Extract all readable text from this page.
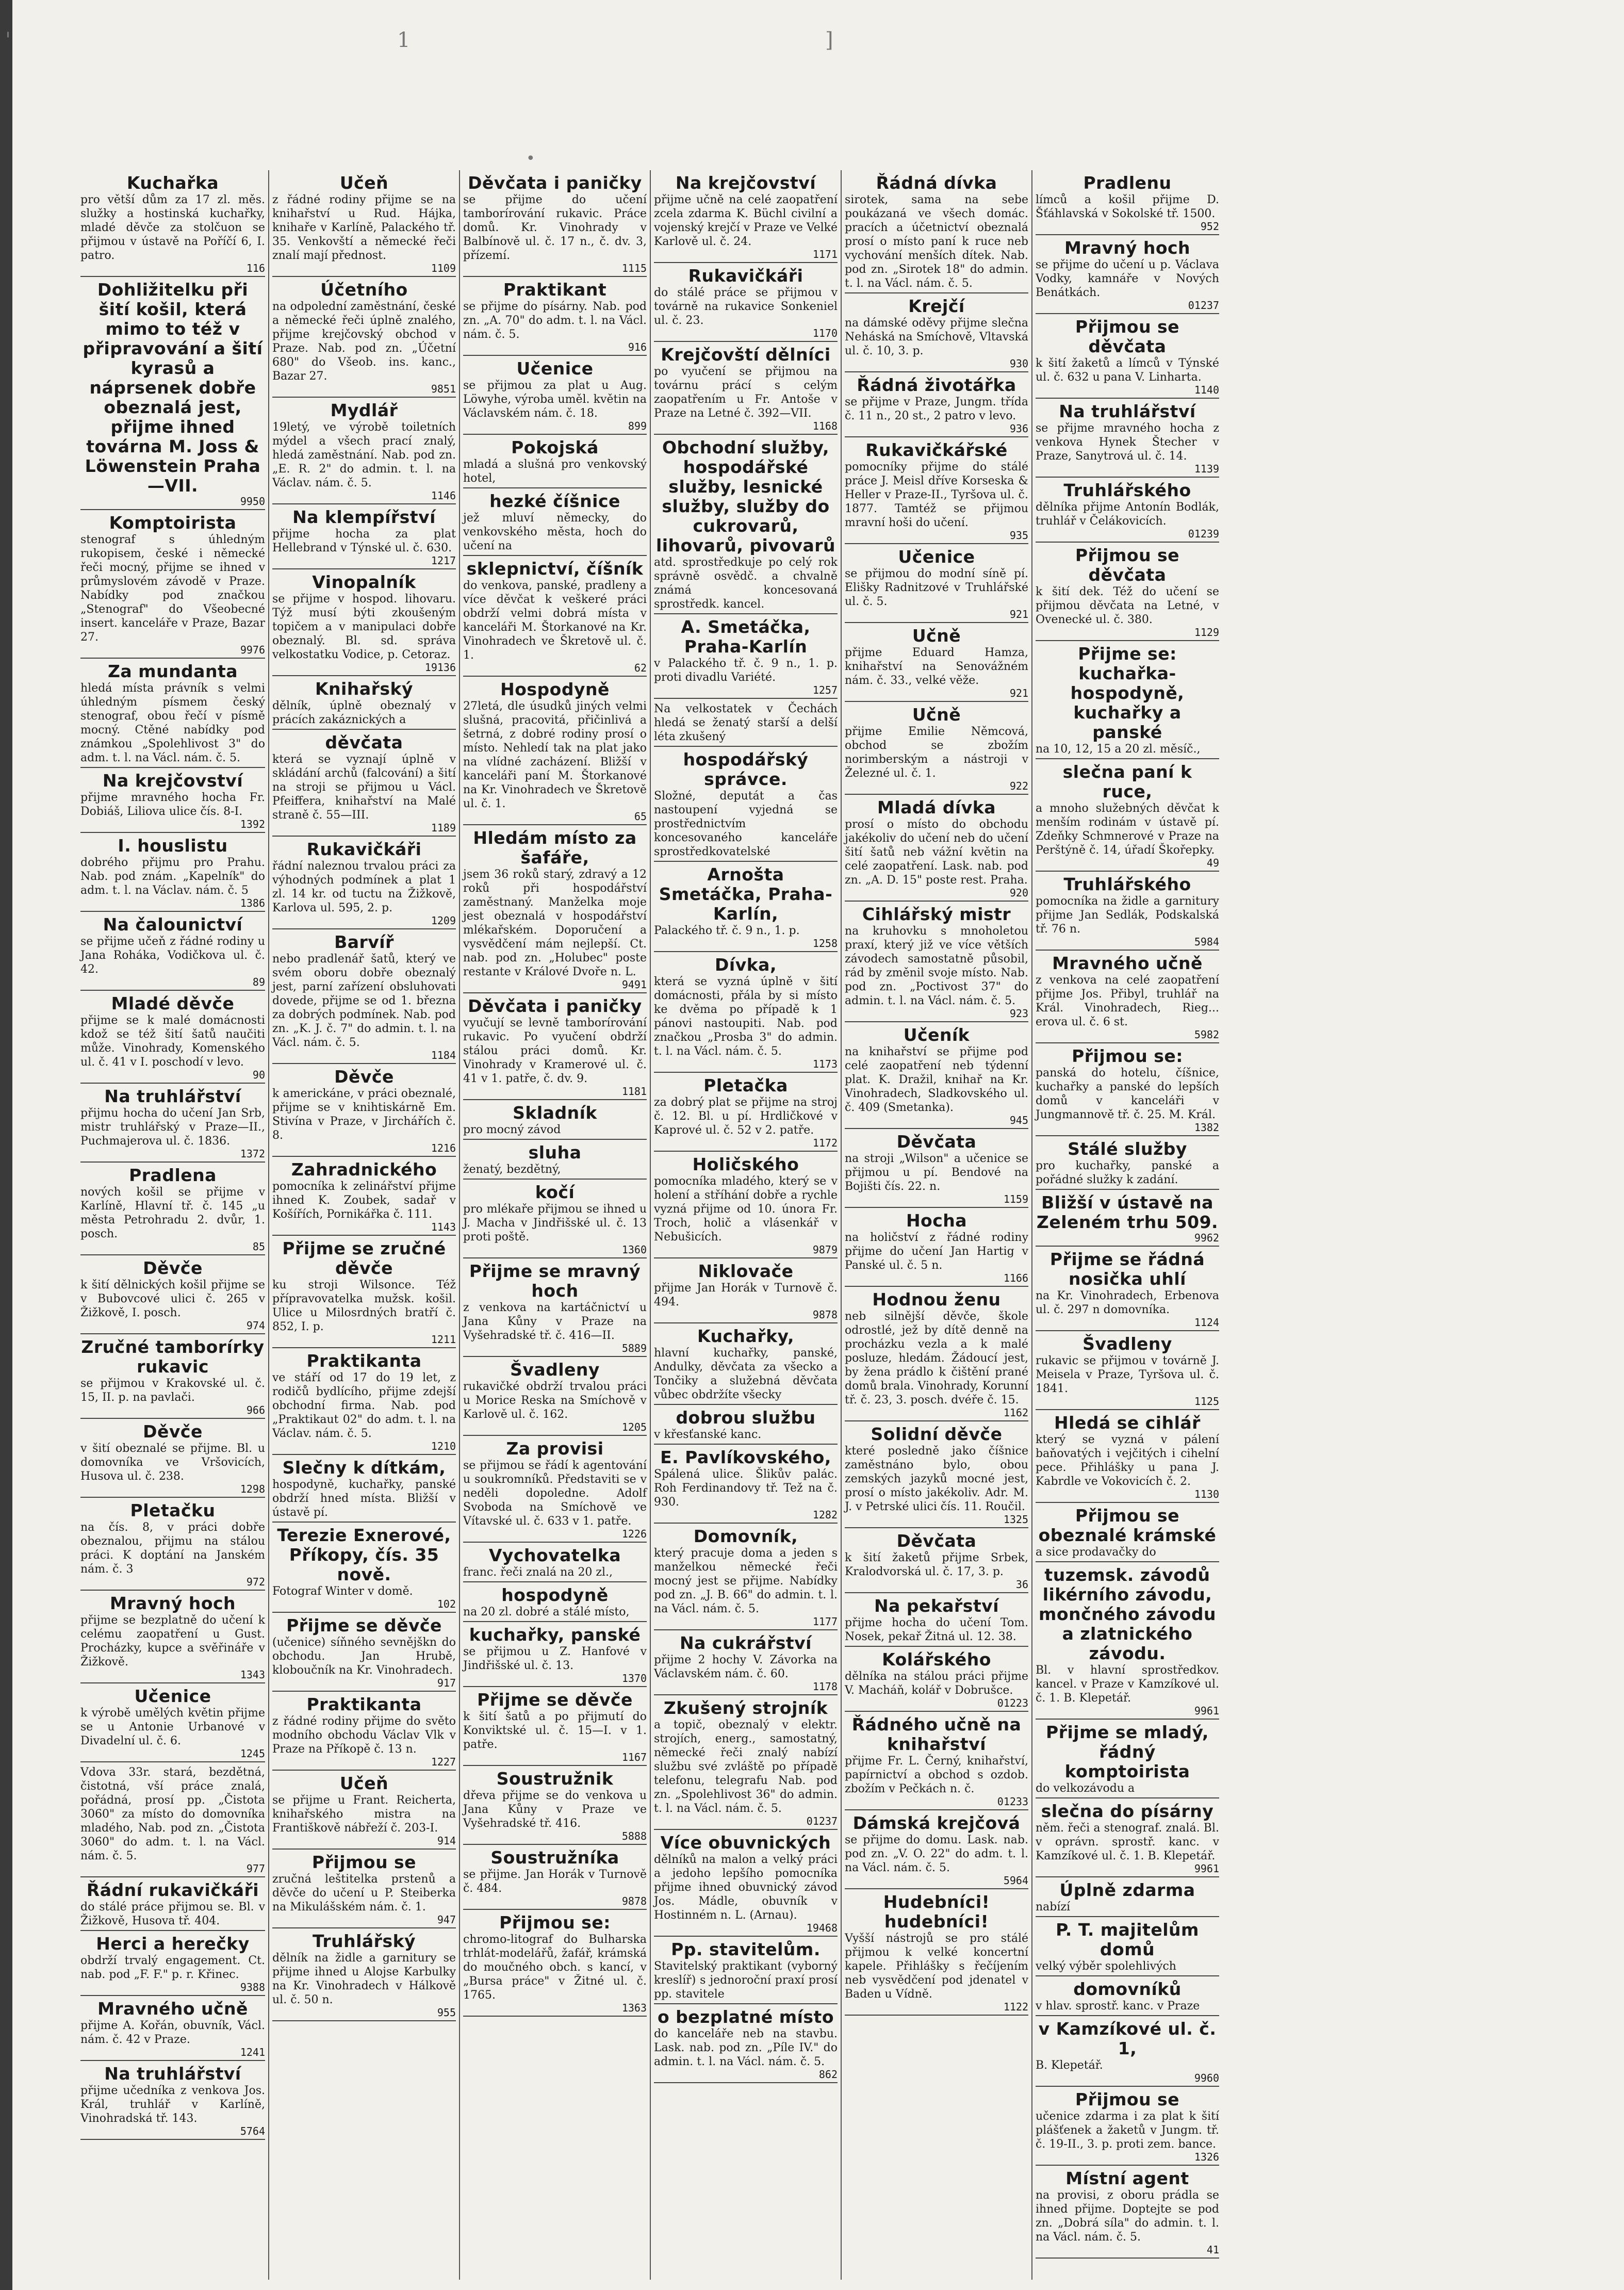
'	1	]
•
Kuchařka
pro větší dům za 17 zl. měs. služky a hostinská kuchařky, mladé děvče za stolčuon se přijmou v ústavě na Poříčí 6, I. patro.
116
Dohližitelku při šití košil, která mimo to též v připravování a šití kyrasů a náprsenek dobře obeznalá jest, přijme ihned továrna M. Joss & Löwenstein Praha—VII.
9950
Komptoirista
stenograf s úhledným rukopisem, české i německé řeči mocný, přijme se ihned v průmyslovém závodě v Praze. Nabídky pod značkou „Stenograf" do Všeobecné insert. kanceláře v Praze, Bazar 27.
9976
Za mundanta
hledá místa právník s velmi úhledným písmem český stenograf, obou řečí v písmě mocný. Ctěné nabídky pod známkou „Spolehlivost 3" do adm. t. l. na Václ. nám. č. 5.
Na krejčovství
přijme mravného hocha Fr. Dobiáš, Liliova ulice čís. 8-I.
1392
I. houslistu
dobrého přijmu pro Prahu. Nab. pod znám. „Kapelník" do adm. t. l. na Václav. nám. č. 5
1386
Na čalounictví
se přijme učeň z řádné rodiny u Jana Roháka, Vodičkova ul. č. 42.
89
Mladé děvče
přijme se k malé domácnosti kdož se též šití šatů naučiti může. Vinohrady, Komenského ul. č. 41 v I. poschodí v levo.
90
Na truhlářství
přijmu hocha do učení Jan Srb, mistr truhlářský v Praze—II., Puchmajerova ul. č. 1836.
1372
Pradlena
nových košil se přijme v Karlíně, Hlavní tř. č. 145 „u města Petrohradu 2. dvůr, 1. posch.
85
Děvče
k šití dělnických košil přijme se v Bubovcové ulici č. 265 v Žižkově, I. posch.
974
Zručné tamborírky rukavic
se přijmou v Krakovské ul. č. 15, II. p. na pavlači.
966
Děvče
v šití obeznalé se přijme. Bl. u domovníka ve Vršovicích, Husova ul. č. 238.
1298
Pletačku
na čís. 8, v práci dobře obeznalou, přijmu na stálou práci. K doptání na Janském nám. č. 3
972
Mravný hoch
přijme se bezplatně do učení k celému zaopatření u Gust. Procházky, kupce a svěřináře v Žižkově.
1343
Učenice
k výrobě umělých květin přijme se u Antonie Urbanové v Divadelní ul. č. 6.
1245
Vdova 33r. stará, bezdětná, čistotná, vší práce znalá, pořádná, prosí pp. „Čistota 3060" za místo do domovníka mladého, Nab. pod zn. „Čistota 3060" do adm. t. l. na Václ. nám. č. 5.
977
Řádní rukavičkáři
do stálé práce přijmou se. Bl. v Žižkově, Husova tř. 404.
Herci a herečky
obdrží trvalý engagement. Ct. nab. pod „F. F." p. r. Křinec.
9388
Mravného učně
přijme A. Kořán, obuvník, Václ. nám. č. 42 v Praze.
1241
Na truhlářství
přijme učedníka z venkova Jos. Král, truhlář v Karlíně, Vinohradská tř. 143.
5764
Učeň
z řádné rodiny přijme se na knihařství u Rud. Hájka, knihaře v Karlíně, Palackého tř. 35. Venkovští a německé řeči znalí mají přednost.
1109
Účetního
na odpolední zaměstnání, české a německé řeči úplně znalého, přijme krejčovský obchod v Praze. Nab. pod zn. „Účetní 680" do Všeob. ins. kanc., Bazar 27.
9851
Mydlář
19letý, ve výrobě toiletních mýdel a všech prací znalý, hledá zaměstnání. Nab. pod zn. „E. R. 2" do admin. t. l. na Václav. nám. č. 5.
1146
Na klempířství
přijme hocha za plat Hellebrand v Týnské ul. č. 630.
1217
Vinopalník
se přijme v hospod. lihovaru. Týž musí býti zkoušeným topičem a v manipulaci dobře obeznalý. Bl. sd. správa velkostatku Vodice, p. Cetoraz.
19136
Knihařský
dělník, úplně obeznalý v prácích zakáznických a
děvčata
která se vyznají úplně v skládání archů (falcování) a šití na stroji se přijmou u Václ. Pfeiffera, knihařství na Malé straně č. 55—III.
1189
Rukavičkáři
řádní naleznou trvalou práci za výhodných podmínek a plat 1 zl. 14 kr. od tuctu na Žižkově, Karlova ul. 595, 2. p.
1209
Barvíř
nebo pradlenář šatů, který ve svém oboru dobře obeznalý jest, parní zařízení obsluhovati dovede, přijme se od 1. března za dobrých podmínek. Nab. pod zn. „K. J. č. 7" do admin. t. l. na Václ. nám. č. 5.
1184
Děvče
k americkáne, v práci obeznalé, přijme se v knihtiskárně Em. Stivína v Praze, v Jirchářích č. 8.
1216
Zahradnického
pomocníka k zelinářství přijme ihned K. Zoubek, sadař v Košířích, Pornikářka č. 111.
1143
Přijme se zručné děvče
ku stroji Wilsonce. Též přípravovatelka mužsk. košil. Ulice u Milosrdných bratří č. 852, I. p.
1211
Praktikanta
ve stáří od 17 do 19 let, z rodičů bydlícího, přijme zdejší obchodní firma. Nab. pod „Praktikaut 02" do adm. t. l. na Václav. nám. č. 5.
1210
Slečny k dítkám,
hospodyně, kuchařky, panské obdrží hned místa. Bližší v ústavě pí.
Terezie Exnerové, Příkopy, čís. 35 nově.
Fotograf Winter v domě.
102
Přijme se děvče
(učenice) síňného sevnějškn do obchodu. Jan Hrubě, kloboučník na Kr. Vinohradech.
917
Praktikanta
z řádné rodiny přijme do světo modního obchodu Václav Vlk v Praze na Příkopě č. 13 n.
1227
Učeň
se přijme u Frant. Reicherta, knihařského mistra na Františkově nábřeží č. 203-I.
914
Přijmou se
zručná leštitelka prstenů a děvče do učení u P. Steiberka na Mikulášském nám. č. 1.
947
Truhlářský
dělník na židle a garnitury se přijme ihned u Alojse Karbulky na Kr. Vinohradech v Hálkově ul. č. 50 n.
955
Děvčata i paničky
se přijme do učení tamborírování rukavic. Práce domů. Kr. Vinohrady v Balbínově ul. č. 17 n., č. dv. 3, přízemí.
1115
Praktikant
se přijme do písárny. Nab. pod zn. „A. 70" do adm. t. l. na Václ. nám. č. 5.
916
Učenice
se přijmou za plat u Aug. Löwyhe, výroba uměl. květin na Václavském nám. č. 18.
899
Pokojská
mladá a slušná pro venkovský hotel,
hezké číšnice
jež mluví německy, do venkovského města, hoch do učení na
sklepnictví, číšník
do venkova, panské, pradleny a více děvčat k veškeré práci obdrží velmi dobrá místa v kanceláři M. Štorkanové na Kr. Vinohradech ve Škretově ul. č. 1.
62
Hospodyně
27letá, dle úsudků jiných velmi slušná, pracovitá, přičinlivá a šetrná, z dobré rodiny prosí o místo. Nehledí tak na plat jako na vlídné zacházení. Bližší v kanceláři paní M. Štorkanové na Kr. Vinohradech ve Škretově ul. č. 1.
65
Hledám místo za šafáře,
jsem 36 roků starý, zdravý a 12 roků při hospodářství zaměstnaný. Manželka moje jest obeznalá v hospodářství mlékařském. Doporučení a vysvědčení mám nejlepší. Ct. nab. pod zn. „Holubec" poste restante v Králové Dvoře n. L.
9491
Děvčata i paničky
vyučují se levně tamborírování rukavic. Po vyučení obdrží stálou práci domů. Kr. Vinohrady v Kramerové ul. č. 41 v 1. patře, č. dv. 9.
1181
Skladník
pro mocný závod
sluha
ženatý, bezdětný,
kočí
pro mlékaře přijmou se ihned u J. Macha v Jindřišské ul. č. 13 proti poště.
1360
Přijme se mravný hoch
z venkova na kartáčnictví u Jana Kůny v Praze na Vyšehradské tř. č. 416—II.
5889
Švadleny
rukavičké obdrží trvalou práci u Morice Reska na Smíchově v Karlově ul. č. 162.
1205
Za provisi
se přijmou se řádí k agentování u soukromníků. Představiti se v neděli dopoledne. Adolf Svoboda na Smíchově ve Vítavské ul. č. 633 v 1. patře.
1226
Vychovatelka
franc. řeči znalá na 20 zl.,
hospodyně
na 20 zl. dobré a stálé místo,
kuchařky, panské
se přijmou u Z. Hanfové v Jindřišské ul. č. 13.
1370
Přijme se děvče
k šití šatů a po přijmutí do Konviktské ul. č. 15—I. v 1. patře.
1167
Soustružnik
dřeva přijme se do venkova u Jana Kůny v Praze ve Vyšehradské tř. 416.
5888
Soustružníka
se přijme. Jan Horák v Turnově č. 484.
9878
Přijmou se:
chromo-litograf do Bulharska trhlát-modelářů, žafář, krámská do moučného obch. s kancí, v „Bursa práce" v Žitné ul. č. 1765.
1363
Na krejčovství
přijme učně na celé zaopatření zcela zdarma K. Büchl civilní a vojenský krejčí v Praze ve Velké Karlově ul. č. 24.
1171
Rukavičkáři
do stálé práce se přijmou v továrně na rukavice Sonkeniel ul. č. 23.
1170
Krejčovští dělníci
po vyučení se přijmou na továrnu prácí s celým zaopatřením u Fr. Antoše v Praze na Letné č. 392—VII.
1168
Obchodní služby, hospodářské služby, lesnické služby, služby do cukrovarů, lihovarů, pivovarů
atd. sprostředkuje po celý rok správně osvědč. a chvalně známá koncesovaná sprostředk. kancel.
A. Smetáčka, Praha-Karlín
v Palackého tř. č. 9 n., 1. p. proti divadlu Variété.
1257
Na velkostatek v Čechách hledá se ženatý starší a delší léta zkušený
hospodářský správce.
Složné, deputát a čas nastoupení vyjedná se prostřednictvím koncesovaného kanceláře sprostředkovatelské
Arnošta Smetáčka, Praha-Karlín,
Palackého tř. č. 9 n., 1. p.
1258
Dívka,
která se vyzná úplně v šití domácnosti, přála by si místo ke dvěma po případě k 1 pánovi nastoupiti. Nab. pod značkou „Prosba 3" do admin. t. l. na Václ. nám. č. 5.
1173
Pletačka
za dobrý plat se přijme na stroj č. 12. Bl. u pí. Hrdličkové v Kaprové ul. č. 52 v 2. patře.
1172
Holičského
pomocníka mladého, který se v holení a stříhání dobře a rychle vyzná přijme od 10. února Fr. Troch, holič a vlásenkář v Nebušicích.
9879
Niklovače
přijme Jan Horák v Turnově č. 494.
9878
Kuchařky,
hlavní kuchařky, panské, Andulky, děvčata za všecko a Tončiky a služebná děvčata vůbec obdržíte všecky
dobrou službu
v křesťanské kanc.
E. Pavlíkovského,
Spálená ulice. Šlikův palác. Roh Ferdinandovy tř. Tež na č. 930.
1282
Domovník,
který pracuje doma a jeden s manželkou německé řeči mocný jest se přijme. Nabídky pod zn. „J. B. 66" do admin. t. l. na Václ. nám. č. 5.
1177
Na cukrářství
přijme 2 hochy V. Závorka na Václavském nám. č. 60.
1178
Zkušený strojník
a topič, obeznalý v elektr. strojích, energ., samostatný, německé řeči znalý nabízí službu své zvláště po případě telefonu, telegrafu Nab. pod zn. „Spolehlivost 36" do admin. t. l. na Václ. nám. č. 5.
01237
Více obuvnických
dělníků na malon a velký práci a jedoho lepšího pomocníka přijme ihned obuvnický závod Jos. Mádle, obuvník v Hostinném n. L. (Arnau).
19468
Pp. stavitelům.
Stavitelský praktikant (vyborný kreslíř) s jednoroční praxí prosí pp. stavitele
o bezplatné místo
do kanceláře neb na stavbu. Lask. nab. pod zn. „Píle IV." do admin. t. l. na Václ. nám. č. 5.
862
Řádná dívka
sirotek, sama na sebe poukázaná ve všech domác. pracích a účetnictví obeznalá prosí o místo paní k ruce neb vychování menších dítek. Nab. pod zn. „Sirotek 18" do admin. t. l. na Václ. nám. č. 5.
Krejčí
na dámské oděvy přijme slečna Neháská na Smíchově, Vltavská ul. č. 10, 3. p.
930
Řádná životářka
se přijme v Praze, Jungm. třída č. 11 n., 20 st., 2 patro v levo.
936
Rukavičkářské
pomocníky přijme do stálé práce J. Meisl dříve Korseska & Heller v Praze-II., Tyršova ul. č. 1877. Tamtéž se přijmou mravní hoši do učení.
935
Učenice
se přijmou do modní síně pí. Elišky Radnitzové v Truhlářské ul. č. 5.
921
Učně
přijme Eduard Hamza, knihařství na Senovážném nám. č. 33., velké věže.
921
Učně
přijme Emilie Němcová, obchod se zbožím norimberským a nástroji v Železné ul. č. 1.
922
Mladá dívka
prosí o místo do obchodu jakékoliv do učení neb do učení šití šatů neb vážní květin na celé zaopatření. Lask. nab. pod zn. „A. D. 15" poste rest. Praha.
920
Cihlářský mistr
na kruhovku s mnoholetou praxí, který již ve více větších závodech samostatně působil, rád by změnil svoje místo. Nab. pod zn. „Poctivost 37" do admin. t. l. na Václ. nám. č. 5.
923
Učeník
na knihařství se přijme pod celé zaopatření neb týdenní plat. K. Dražil, knihař na Kr. Vinohradech, Sladkovského ul. č. 409 (Smetanka).
945
Děvčata
na stroji „Wilson" a učenice se přijmou u pí. Bendové na Bojišti čís. 22. n.
1159
Hocha
na holičství z řádné rodiny přijme do učení Jan Hartig v Panské ul. č. 5 n.
1166
Hodnou ženu
neb silnější děvče, škole odrostlé, jež by dítě denně na procházku vezla a k malé posluze, hledám. Žádoucí jest, by žena prádlo k čištění prané domů brala. Vinohrady, Korunní tř. č. 23, 3. posch. dvéře č. 15.
1162
Solidní děvče
které posledně jako číšnice zaměstnáno bylo, obou zemských jazyků mocné jest, prosí o místo jakékoliv. Adr. M. J. v Petrské ulici čís. 11. Roučil.
1325
Děvčata
k šití žaketů přijme Srbek, Kralodvorská ul. č. 17, 3. p.
36
Na pekařství
přijme hocha do učení Tom. Nosek, pekař Žitná ul. 12. 38.
Kolářského
dělníka na stálou práci přijme V. Macháň, kolář v Dobrušce.
01223
Řádného učně na knihařství
přijme Fr. L. Černý, knihařství, papírnictví a obchod s ozdob. zbožím v Pečkách n. č.
01233
Dámská krejčová
se přijme do domu. Lask. nab. pod zn. „V. O. 22" do adm. t. l. na Václ. nám. č. 5.
5964
Hudebníci! hudebníci!
Vyšší nástrojů se pro stálé přijmou k velké koncertní kapele. Přihlášky s řečíjením neb vysvědčení pod jdenatel v Baden u Vídně.
1122
Pradlenu
límců a košil přijme D. Šťáhlavská v Sokolské tř. 1500.
952
Mravný hoch
se přijme do učení u p. Václava Vodky, kamnáře v Nových Benátkách.
01237
Přijmou se děvčata
k šití žaketů a límců v Týnské ul. č. 632 u pana V. Linharta.
1140
Na truhlářství
se přijme mravného hocha z venkova Hynek Štecher v Praze, Sanytrová ul. č. 14.
1139
Truhlářského
dělníka přijme Antonín Bodlák, truhlář v Čelákovicích.
01239
Přijmou se děvčata
k šití dek. Též do učení se přijmou děvčata na Letné, v Ovenecké ul. č. 380.
1129
Přijme se: kuchařka-hospodyně, kuchařky a panské
na 10, 12, 15 a 20 zl. měsíč.,
slečna paní k ruce,
a mnoho služebných děvčat k menším rodinám v ústavě pí. Zdeňky Schmnerové v Praze na Perštýně č. 14, úřadí Škořepky.
49
Truhlářského
pomocníka na židle a garnitury přijme Jan Sedlák, Podskalská tř. 76 n.
5984
Mravného učně
z venkova na celé zaopatření přijme Jos. Přibyl, truhlář na Král. Vinohradech, Rieg... erova ul. č. 6 st.
5982
Přijmou se:
panská do hotelu, číšnice, kuchařky a panské do lepších domů v kanceláři v Jungmannově tř. č. 25. M. Král.
1382
Stálé služby
pro kuchařky, panské a pořádné služky k zadání.
Bližší v ústavě na Zeleném trhu 509.
9962
Přijme se řádná nosička uhlí
na Kr. Vinohradech, Erbenova ul. č. 297 n domovníka.
1124
Švadleny
rukavic se přijmou v továrně J. Meisela v Praze, Tyršova ul. č. 1841.
1125
Hledá se cihlář
který se vyzná v pálení baňovatých i vejčitých i cihelní pece. Přihlášky u pana J. Kabrdle ve Vokovicích č. 2.
1130
Přijmou se obeznalé krámské
a sice prodavačky do
tuzemsk. závodů likérního závodu, mončného závodu a zlatnického závodu.
Bl. v hlavní sprostředkov. kancel. v Praze v Kamzíkové ul. č. 1. B. Klepetář.
9961
Přijme se mladý, řádný komptoirista
do velkozávodu a
slečna do písárny
něm. řeči a stenograf. znalá. Bl. v oprávn. sprostř. kanc. v Kamzíkové ul. č. 1. B. Klepetář.
9961
Úplně zdarma
nabízí
P. T. majitelům domů
velký výběr spolehlivých
domovníků
v hlav. sprostř. kanc. v Praze
v Kamzíkové ul. č. 1,
B. Klepetář.
9960
Přijmou se
učenice zdarma i za plat k šití plášťenek a žaketů v Jungm. tř. č. 19-II., 3. p. proti zem. bance.
1326
Místní agent
na provisi, z oboru prádla se ihned přijme. Doptejte se pod zn. „Dobrá síla" do admin. t. l. na Václ. nám. č. 5.
41
